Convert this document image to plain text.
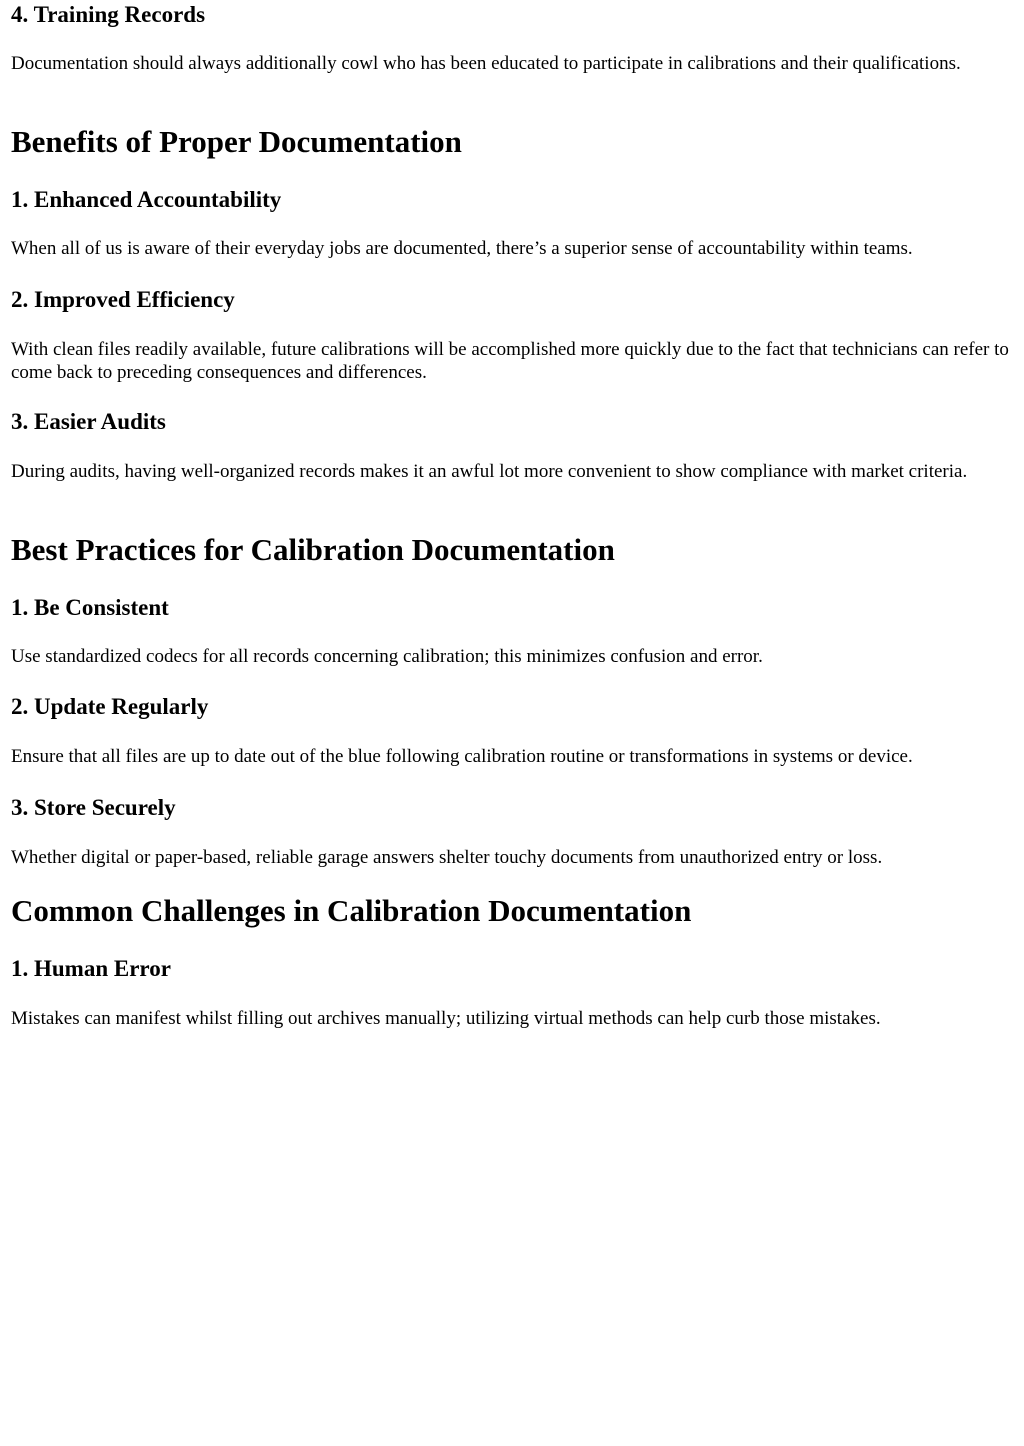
4. Training Records

Documentation should always additionally cowl who has been educated to participate in calibrations and their qualifications.

Benefits of Proper Documentation
1. Enhanced Accountability

When all of us is aware of their everyday jobs are documented, there’s a superior sense of accountability within teams.

2. Improved Efficiency

With clean files readily available, future calibrations will be accomplished more quickly due to the fact that technicians can refer to come back to preceding consequences and differences.

3. Easier Audits

During audits, having well-organized records makes it an awful lot more convenient to show compliance with market criteria.

Best Practices for Calibration Documentation
1. Be Consistent

Use standardized codecs for all records concerning calibration; this minimizes confusion and error.

2. Update Regularly

Ensure that all files are up to date out of the blue following calibration routine or transformations in systems or device.

3. Store Securely

Whether digital or paper-based, reliable garage answers shelter touchy documents from unauthorized entry or loss.

Common Challenges in Calibration Documentation
1. Human Error

Mistakes can manifest whilst filling out archives manually; utilizing virtual methods can help curb those mistakes.
